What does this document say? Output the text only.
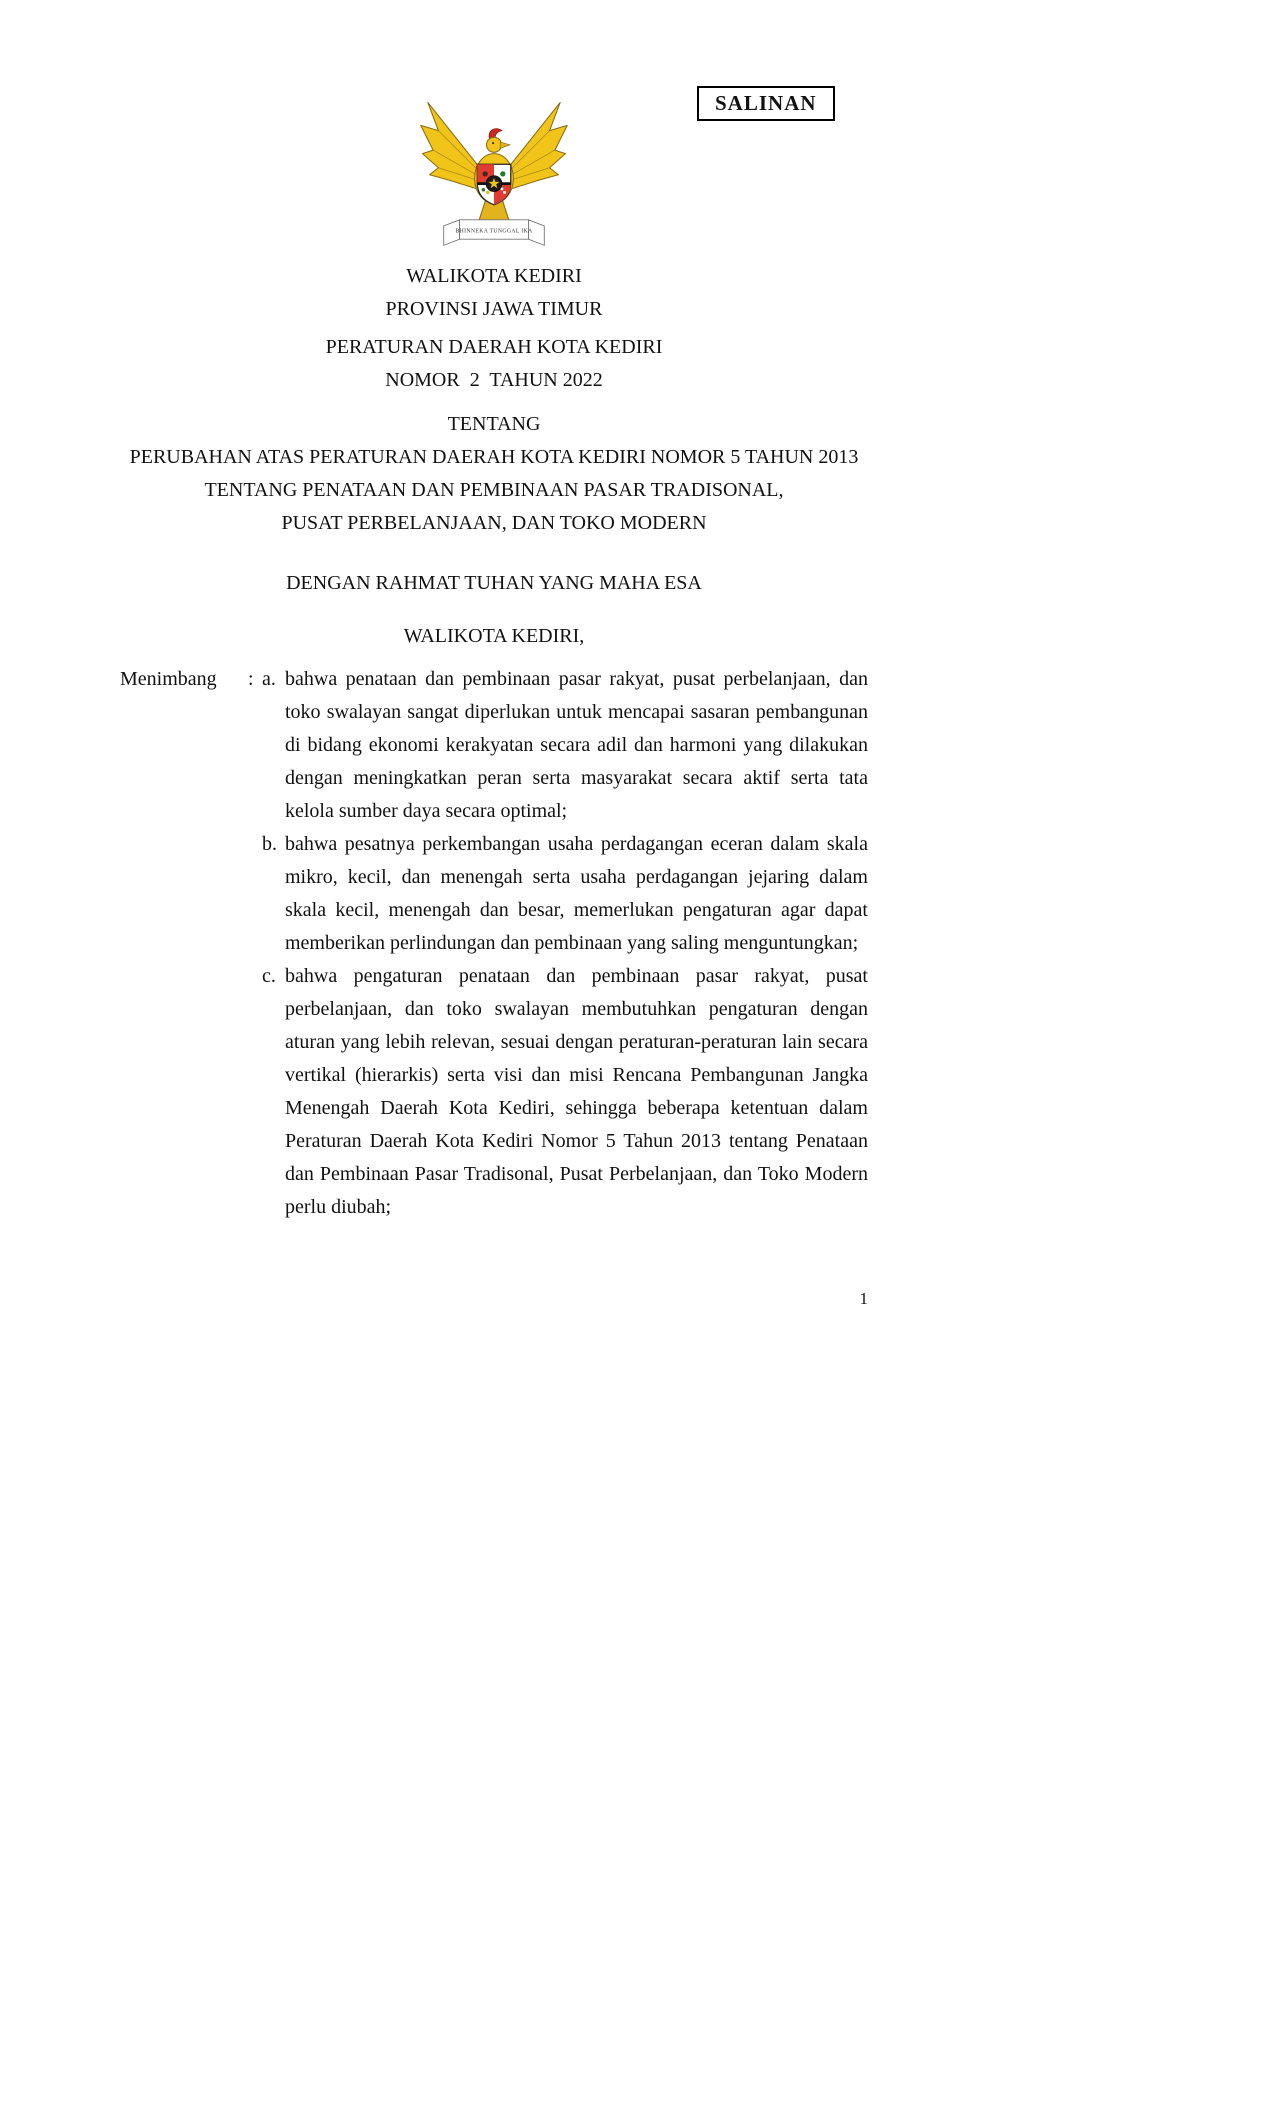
SALINAN
BHINNEKA TUNGGAL IKA
WALIKOTA KEDIRI
PROVINSI JAWA TIMUR
PERATURAN DAERAH KOTA KEDIRI
NOMOR  2  TAHUN 2022
TENTANG
PERUBAHAN ATAS PERATURAN DAERAH KOTA KEDIRI NOMOR 5 TAHUN 2013
TENTANG PENATAAN DAN PEMBINAAN PASAR TRADISONAL,
PUSAT PERBELANJAAN, DAN TOKO MODERN
DENGAN RAHMAT TUHAN YANG MAHA ESA
WALIKOTA KEDIRI,
Menimbang	: a. bahwa penataan dan pembinaan pasar rakyat, pusat perbelanjaan, dan toko swalayan sangat diperlukan untuk mencapai sasaran pembangunan di bidang ekonomi kerakyatan secara adil dan harmoni yang dilakukan dengan meningkatkan peran serta masyarakat secara aktif serta tata kelola sumber daya secara optimal;
b. bahwa pesatnya perkembangan usaha perdagangan eceran dalam skala mikro, kecil, dan menengah serta usaha perdagangan jejaring dalam skala kecil, menengah dan besar, memerlukan pengaturan agar dapat memberikan perlindungan dan pembinaan yang saling menguntungkan;
c. bahwa pengaturan penataan dan pembinaan pasar rakyat, pusat perbelanjaan, dan toko swalayan membutuhkan pengaturan dengan aturan yang lebih relevan, sesuai dengan peraturan-peraturan lain secara vertikal (hierarkis) serta visi dan misi Rencana Pembangunan Jangka Menengah Daerah Kota Kediri, sehingga beberapa ketentuan dalam Peraturan Daerah Kota Kediri Nomor 5 Tahun 2013 tentang Penataan dan Pembinaan Pasar Tradisonal, Pusat Perbelanjaan, dan Toko Modern perlu diubah;
1
